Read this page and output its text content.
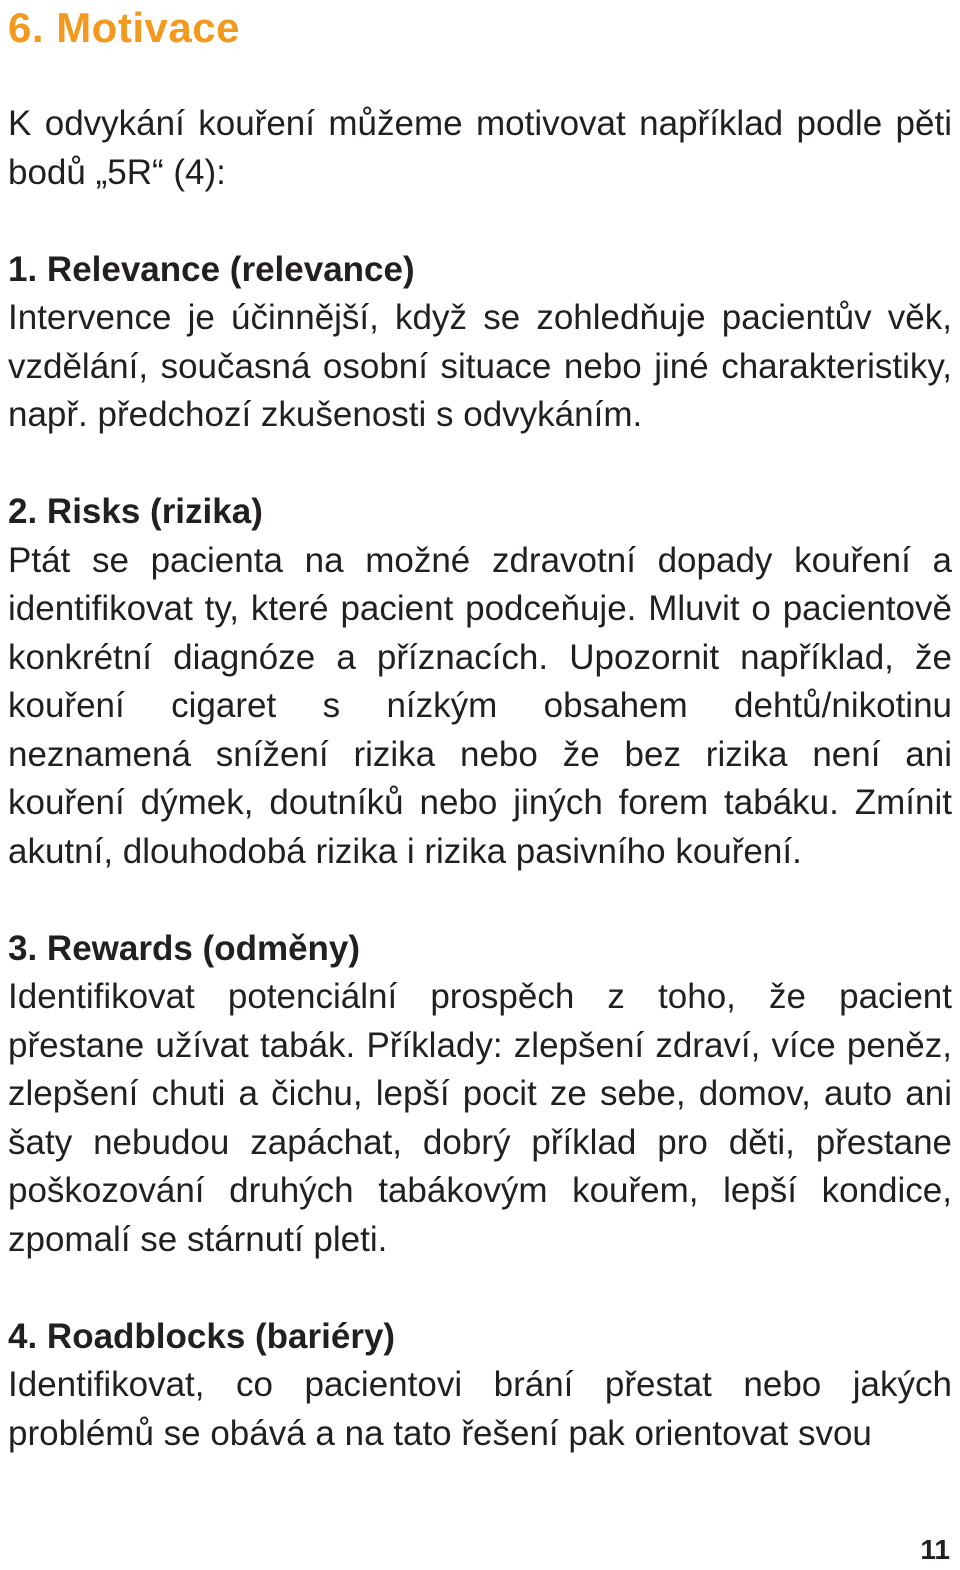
6. Motivace

K odvykání kouření můžeme motivovat například podle pěti bodů „5R“ (4):

1. Relevance (relevance)

Intervence je účinnější, když se zohledňuje pacientův věk, vzdělání, současná osobní situace nebo jiné charakteristiky, např. předchozí zkušenosti s odvykáním.

2. Risks (rizika)

Ptát se pacienta na možné zdravotní dopady kouření a identifikovat ty, které pacient podceňuje. Mluvit o pacientově konkrétní diagnóze a příznacích. Upozornit například, že kouření cigaret s nízkým obsahem dehtů/nikotinu neznamená snížení rizika nebo že bez rizika není ani kouření dýmek, doutníků nebo jiných forem tabáku. Zmínit akutní, dlouhodobá rizika i rizika pasivního kouření.

3. Rewards (odměny)

Identifikovat potenciální prospěch z toho, že pacient přestane užívat tabák. Příklady: zlepšení zdraví, více peněz, zlepšení chuti a čichu, lepší pocit ze sebe, domov, auto ani šaty nebudou zapáchat, dobrý příklad pro děti, přestane poškozování druhých tabákovým kouřem, lepší kondice, zpomalí se stárnutí pleti.

4. Roadblocks (bariéry)

Identifikovat, co pacientovi brání přestat nebo jakých problémů se obává a na tato řešení pak orientovat svou

11
